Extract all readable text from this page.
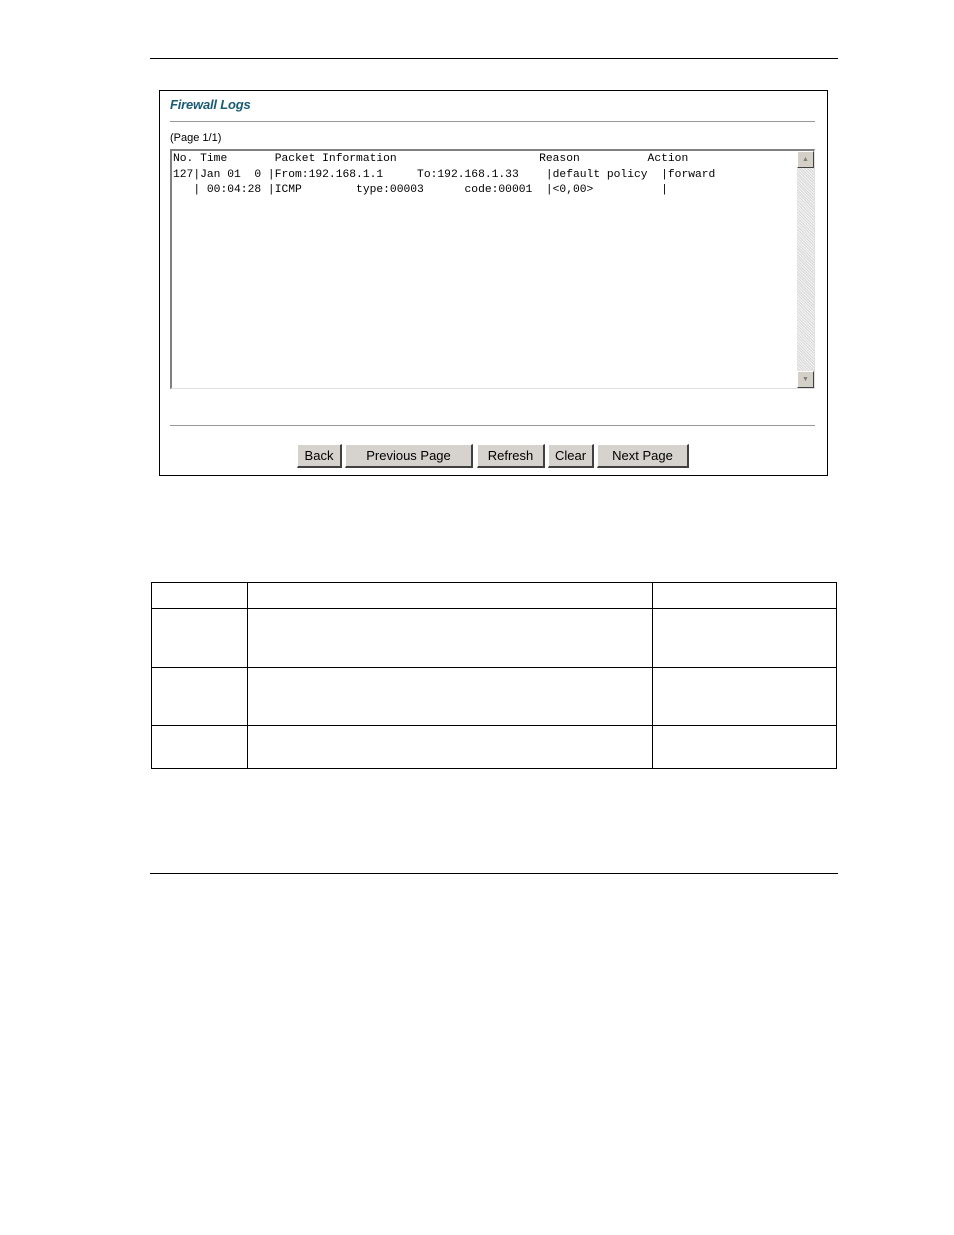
Firewall Logs
(Page 1/1)
No. Time       Packet Information                     Reason          Action
127|Jan 01  0 |From:192.168.1.1     To:192.168.1.33    |default policy  |forward
| 00:04:28 |ICMP        type:00003      code:00001  |<0,00>          |
▲
▼
Back	Previous Page	Refresh	Clear	Next Page
